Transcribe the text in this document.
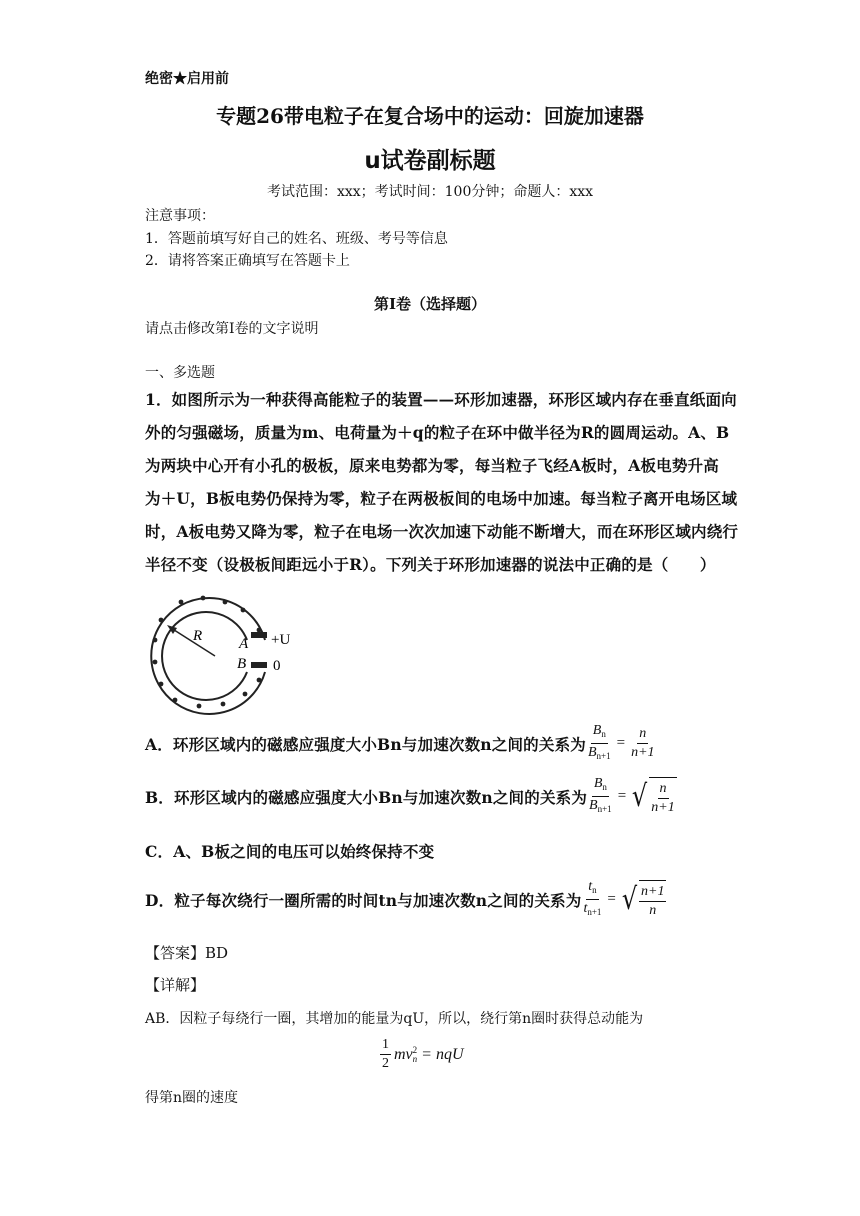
绝密★启用前
专题26带电粒子在复合场中的运动：回旋加速器
u试卷副标题
考试范围：xxx；考试时间：100分钟；命题人：xxx
注意事项：
1．答题前填写好自己的姓名、班级、考号等信息
2．请将答案正确填写在答题卡上
第I卷（选择题）
请点击修改第I卷的文字说明
一、多选题
1．如图所示为一种获得高能粒子的装置——环形加速器，环形区域内存在垂直纸面向
外的匀强磁场，质量为m、电荷量为＋q的粒子在环中做半径为R的圆周运动。A、B
为两块中心开有小孔的极板，原来电势都为零，每当粒子飞经A板时，A板电势升高
为＋U，B板电势仍保持为零，粒子在两极板间的电场中加速。每当粒子离开电场区域
时，A板电势又降为零，粒子在电场一次次加速下动能不断增大，而在环形区域内绕行
半径不变（设极板间距远小于R）。下列关于环形加速器的说法中正确的是（　　）
R A
B
+U
0
A．环形区域内的磁感应强度大小Bn与加速次数n之间的关系为 $\frac{B_n}{B_{n+1}} = \frac{n}{n+1}$
B．环形区域内的磁感应强度大小Bn与加速次数n之间的关系为 $\frac{B_n}{B_{n+1}}$ = √ $\frac{n}{n+1}$
C．A、B板之间的电压可以始终保持不变
D．粒子每次绕行一圈所需的时间tn与加速次数n之间的关系为 $\frac{t_n}{t_{n+1}}$ = √ $\frac{n+1}{n}$
【答案】BD
【详解】
AB．因粒子每绕行一圈，其增加的能量为qU，所以，绕行第n圈时获得总动能为
$\frac{1}{2}$ mv 2
n = nqU
得第n圈的速度
